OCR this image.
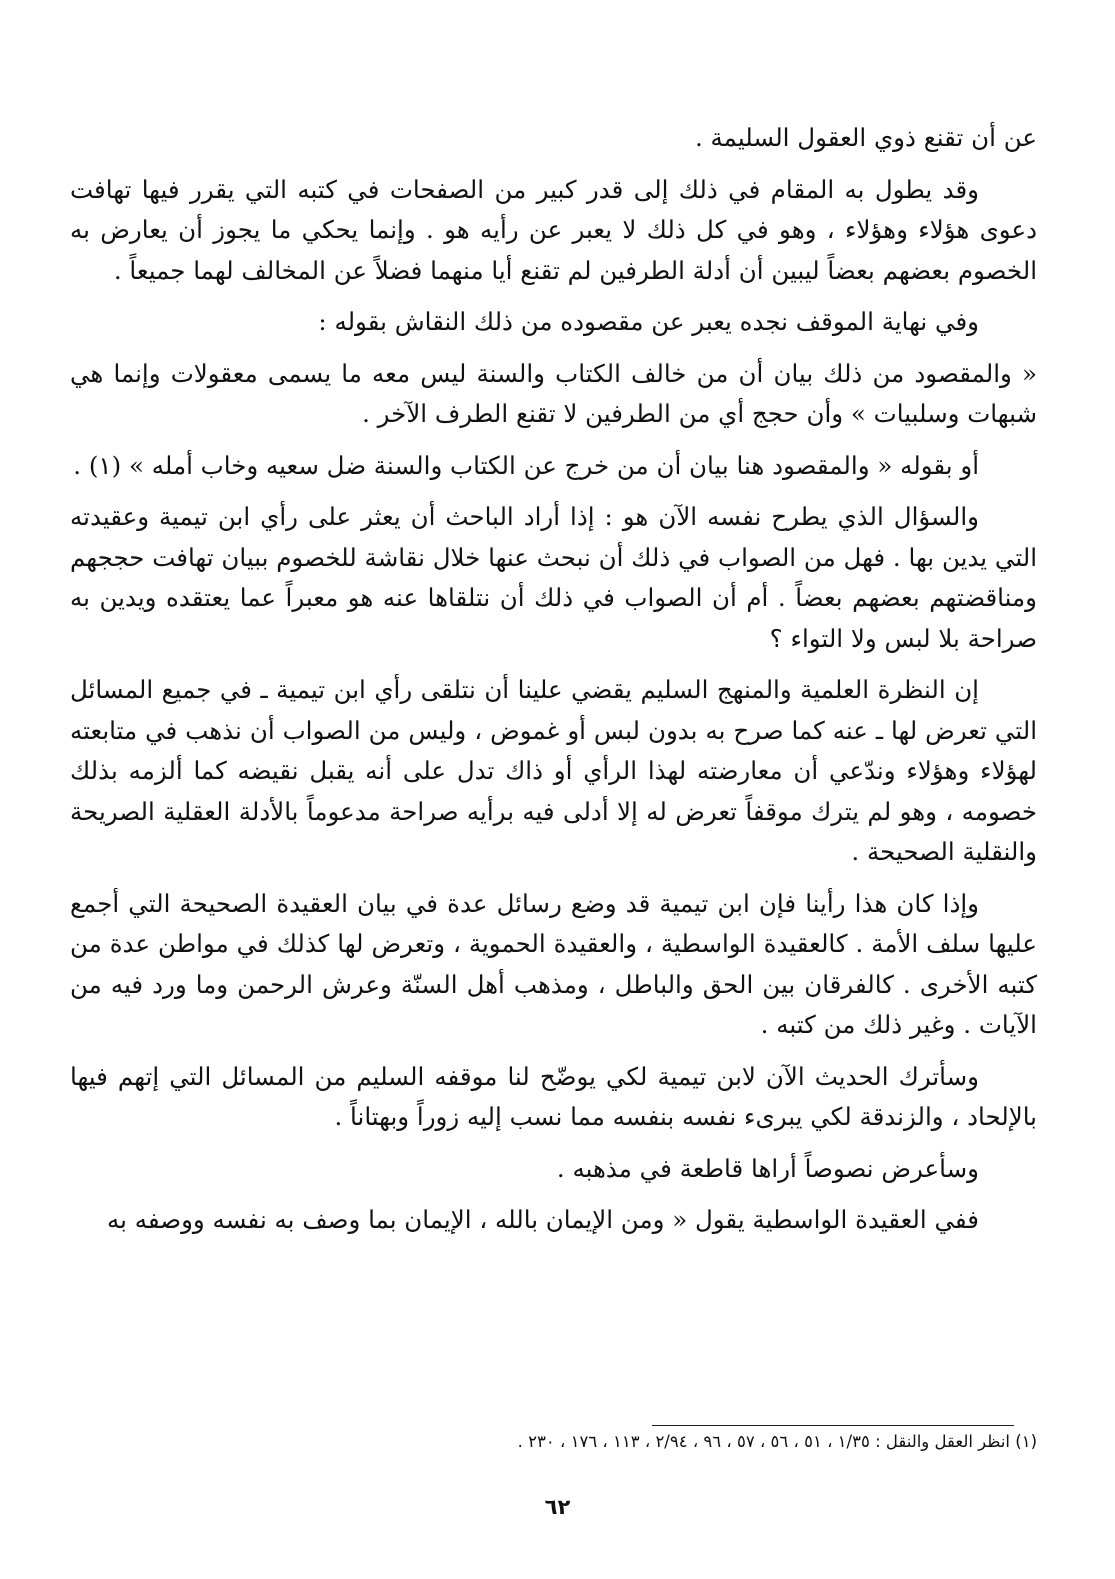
عن أن تقنع ذوي العقول السليمة .

وقد يطول به المقام في ذلك إلى قدر كبير من الصفحات في كتبه التي يقرر فيها تهافت دعوى هؤلاء وهؤلاء ، وهو في كل ذلك لا يعبر عن رأيه هو . وإنما يحكي ما يجوز أن يعارض به الخصوم بعضهم بعضاً ليبين أن أدلة الطرفين لم تقنع أيا منهما فضلاً عن المخالف لهما جميعاً .

وفي نهاية الموقف نجده يعبر عن مقصوده من ذلك النقاش بقوله :

« والمقصود من ذلك بيان أن من خالف الكتاب والسنة ليس معه ما يسمى معقولات وإنما هي شبهات وسلبيات » وأن حجج أي من الطرفين لا تقنع الطرف الآخر .

أو بقوله « والمقصود هنا بيان أن من خرج عن الكتاب والسنة ضل سعيه وخاب أمله » (١) .

والسؤال الذي يطرح نفسه الآن هو : إذا أراد الباحث أن يعثر على رأي ابن تيمية وعقيدته التي يدين بها . فهل من الصواب في ذلك أن نبحث عنها خلال نقاشة للخصوم ببيان تهافت حججهم ومناقضتهم بعضهم بعضاً . أم أن الصواب في ذلك أن نتلقاها عنه هو معبراً عما يعتقده ويدين به صراحة بلا لبس ولا التواء ؟

إن النظرة العلمية والمنهج السليم يقضي علينا أن نتلقى رأي ابن تيمية ـ في جميع المسائل التي تعرض لها ـ عنه كما صرح به بدون لبس أو غموض ، وليس من الصواب أن نذهب في متابعته لهؤلاء وهؤلاء وندّعي أن معارضته لهذا الرأي أو ذاك تدل على أنه يقبل نقيضه كما ألزمه بذلك خصومه ، وهو لم يترك موقفاً تعرض له إلا أدلى فيه برأيه صراحة مدعوماً بالأدلة العقلية الصريحة والنقلية الصحيحة .

وإذا كان هذا رأينا فإن ابن تيمية قد وضع رسائل عدة في بيان العقيدة الصحيحة التي أجمع عليها سلف الأمة . كالعقيدة الواسطية ، والعقيدة الحموية ، وتعرض لها كذلك في مواطن عدة من كتبه الأخرى . كالفرقان بين الحق والباطل ، ومذهب أهل السنّة وعرش الرحمن وما ورد فيه من الآيات . وغير ذلك من كتبه .

وسأترك الحديث الآن لابن تيمية لكي يوضّح لنا موقفه السليم من المسائل التي إتهم فيها بالإلحاد ، والزندقة لكي يبرىء نفسه بنفسه مما نسب إليه زوراً وبهتاناً .

وسأعرض نصوصاً أراها قاطعة في مذهبه .

ففي العقيدة الواسطية يقول « ومن الإيمان بالله ، الإيمان بما وصف به نفسه ووصفه به

(١) انظر العقل والنقل : ١/٣٥ ، ٥١ ، ٥٦ ، ٥٧ ، ٩٦ ، ٢/٩٤ ، ١١٣ ، ١٧٦ ، ٢٣٠ .
٦٢
